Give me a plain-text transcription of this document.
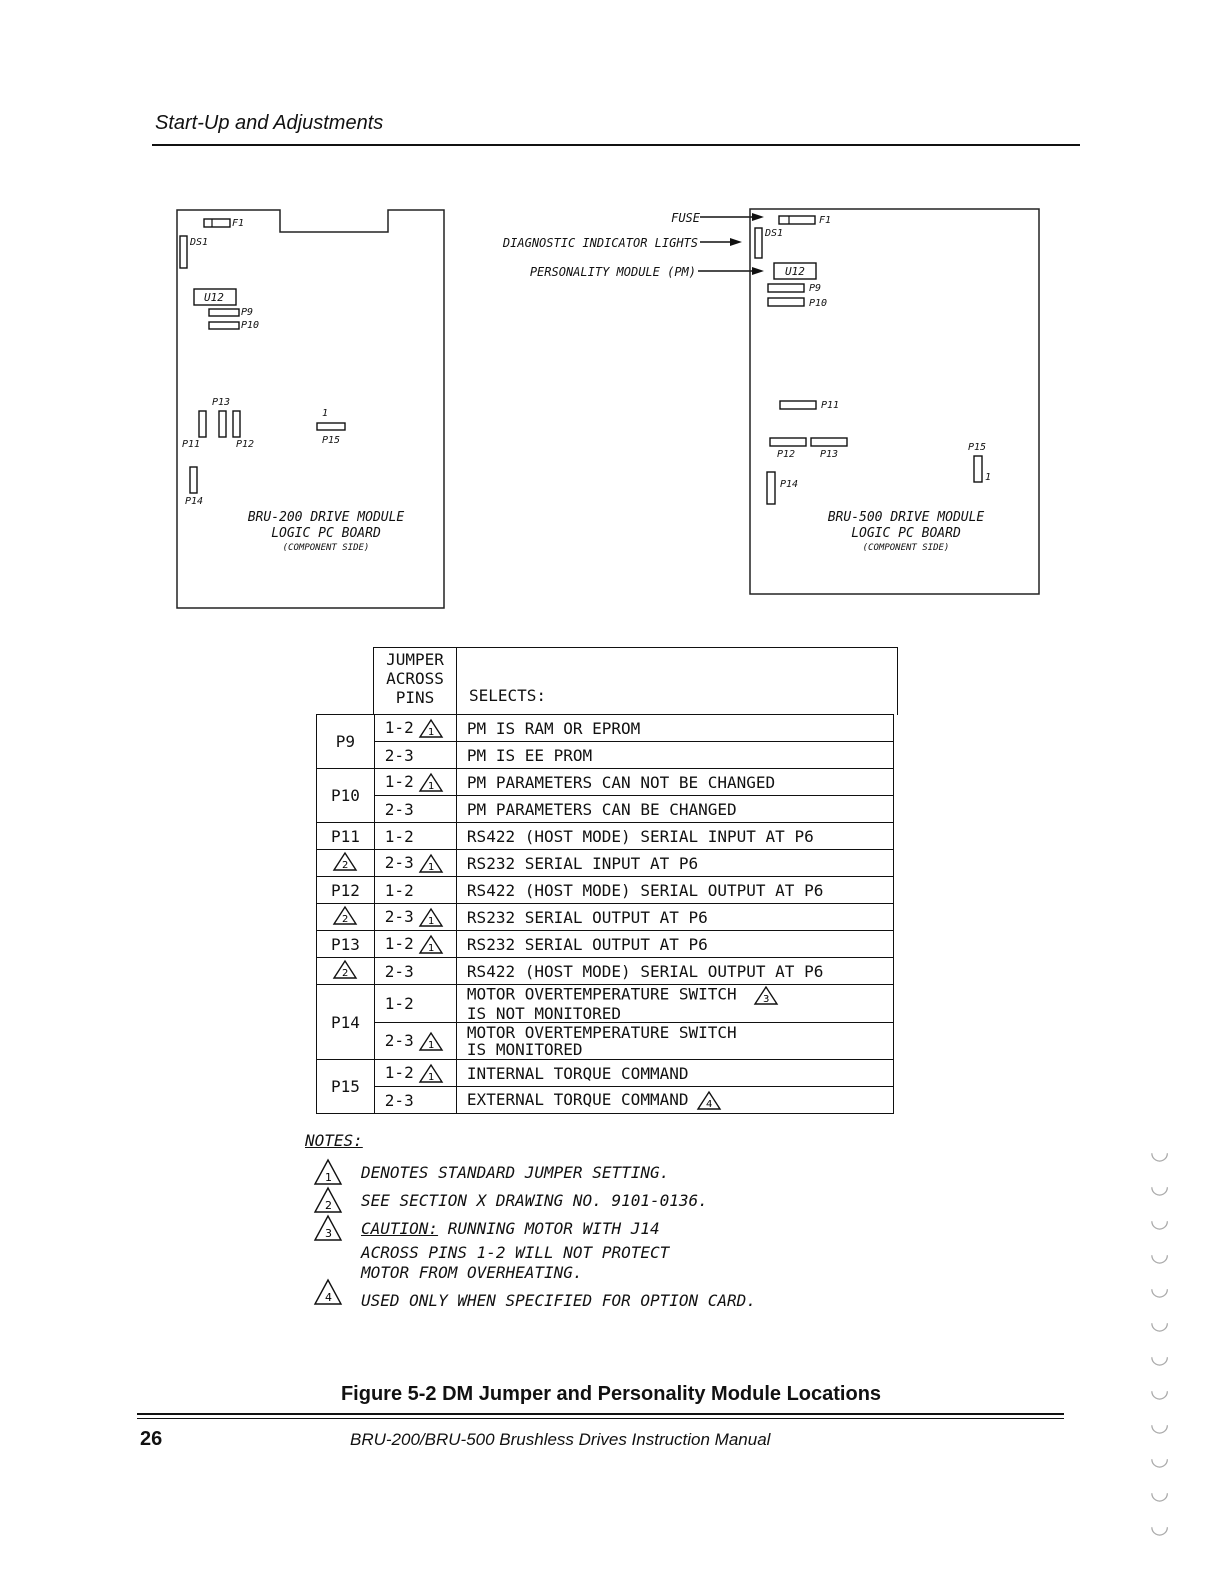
Start-Up and Adjustments
F1
DS1
U12
P9
P10
P13
1
P11	P12	P15
P14
BRU-200 DRIVE MODULE
LOGIC PC BOARD
(COMPONENT SIDE)
FUSE
DIAGNOSTIC INDICATOR LIGHTS
PERSONALITY MODULE (PM)
F1
DS1
U12
P9
P10
P11
P12 P13
P14
P15
1
BRU-500 DRIVE MODULE
LOGIC PC BOARD
(COMPONENT SIDE)
JUMPER
ACROSS
PINS	SELECTS:
P9	1-2 1	PM IS RAM OR EPROM
	2-3	PM IS EE PROM
P10	1-2 1	PM PARAMETERS CAN NOT BE CHANGED
	2-3	PM PARAMETERS CAN BE CHANGED
P11	1-2	RS422 (HOST MODE) SERIAL INPUT AT P6

2	2-3 1	RS232 SERIAL INPUT AT P6
P12	1-2	RS422 (HOST MODE) SERIAL OUTPUT AT P6

2	2-3 1	RS232 SERIAL OUTPUT AT P6
P13	1-2 1	RS232 SERIAL OUTPUT AT P6

2	2-3	RS422 (HOST MODE) SERIAL OUTPUT AT P6
P14	1-2	MOTOR OVERTEMPERATURE SWITCH 3

IS NOT MONITORED
	2-3 1	MOTOR OVERTEMPERATURE SWITCH
IS MONITORED
P15	1-2 1	INTERNAL TORQUE COMMAND
	2-3	EXTERNAL TORQUE COMMAND 4
NOTES:
1
2
3
4
DENOTES STANDARD JUMPER SETTING.
SEE SECTION X DRAWING NO. 9101-0136.
CAUTION: RUNNING MOTOR WITH J14
ACROSS PINS 1-2 WILL NOT PROTECT
MOTOR FROM OVERHEATING.
USED ONLY WHEN SPECIFIED FOR OPTION CARD.
Figure 5-2 DM Jumper and Personality Module Locations
26	BRU-200/BRU-500 Brushless Drives Instruction Manual
◡
◡
◡
◡
◡
◡
◡
◡
◡
◡
◡
◡
